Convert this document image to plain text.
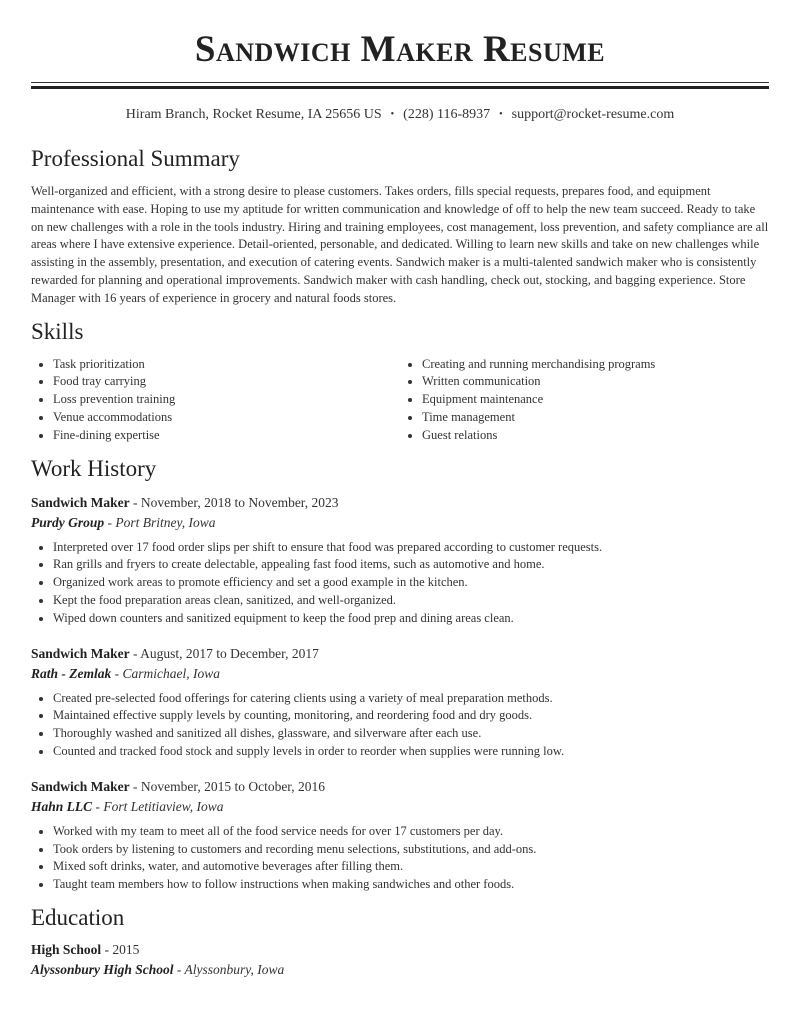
Sandwich Maker Resume
Hiram Branch, Rocket Resume, IA 25656 US • (228) 116-8937 • support@rocket-resume.com
Professional Summary

Well-organized and efficient, with a strong desire to please customers. Takes orders, fills special requests, prepares food, and equipment maintenance with ease. Hoping to use my aptitude for written communication and knowledge of off to help the new team succeed. Ready to take on new challenges with a role in the tools industry. Hiring and training employees, cost management, loss prevention, and safety compliance are all areas where I have extensive experience. Detail-oriented, personable, and dedicated. Willing to learn new skills and take on new challenges while assisting in the assembly, presentation, and execution of catering events. Sandwich maker is a multi-talented sandwich maker who is consistently rewarded for planning and operational improvements. Sandwich maker with cash handling, check out, stocking, and bagging experience. Store Manager with 16 years of experience in grocery and natural foods stores.

Skills
• Task prioritization
• Food tray carrying
• Loss prevention training
• Venue accommodations
• Fine-dining expertise
• Creating and running merchandising programs
• Written communication
• Equipment maintenance
• Time management
• Guest relations
Work History
Sandwich Maker - November, 2018 to November, 2023
Purdy Group - Port Britney, Iowa
• Interpreted over 17 food order slips per shift to ensure that food was prepared according to customer requests.
• Ran grills and fryers to create delectable, appealing fast food items, such as automotive and home.
• Organized work areas to promote efficiency and set a good example in the kitchen.
• Kept the food preparation areas clean, sanitized, and well-organized.
• Wiped down counters and sanitized equipment to keep the food prep and dining areas clean.
Sandwich Maker - August, 2017 to December, 2017
Rath - Zemlak - Carmichael, Iowa
• Created pre-selected food offerings for catering clients using a variety of meal preparation methods.
• Maintained effective supply levels by counting, monitoring, and reordering food and dry goods.
• Thoroughly washed and sanitized all dishes, glassware, and silverware after each use.
• Counted and tracked food stock and supply levels in order to reorder when supplies were running low.
Sandwich Maker - November, 2015 to October, 2016
Hahn LLC - Fort Letitiaview, Iowa
• Worked with my team to meet all of the food service needs for over 17 customers per day.
• Took orders by listening to customers and recording menu selections, substitutions, and add-ons.
• Mixed soft drinks, water, and automotive beverages after filling them.
• Taught team members how to follow instructions when making sandwiches and other foods.
Education
High School - 2015
Alyssonbury High School - Alyssonbury, Iowa
